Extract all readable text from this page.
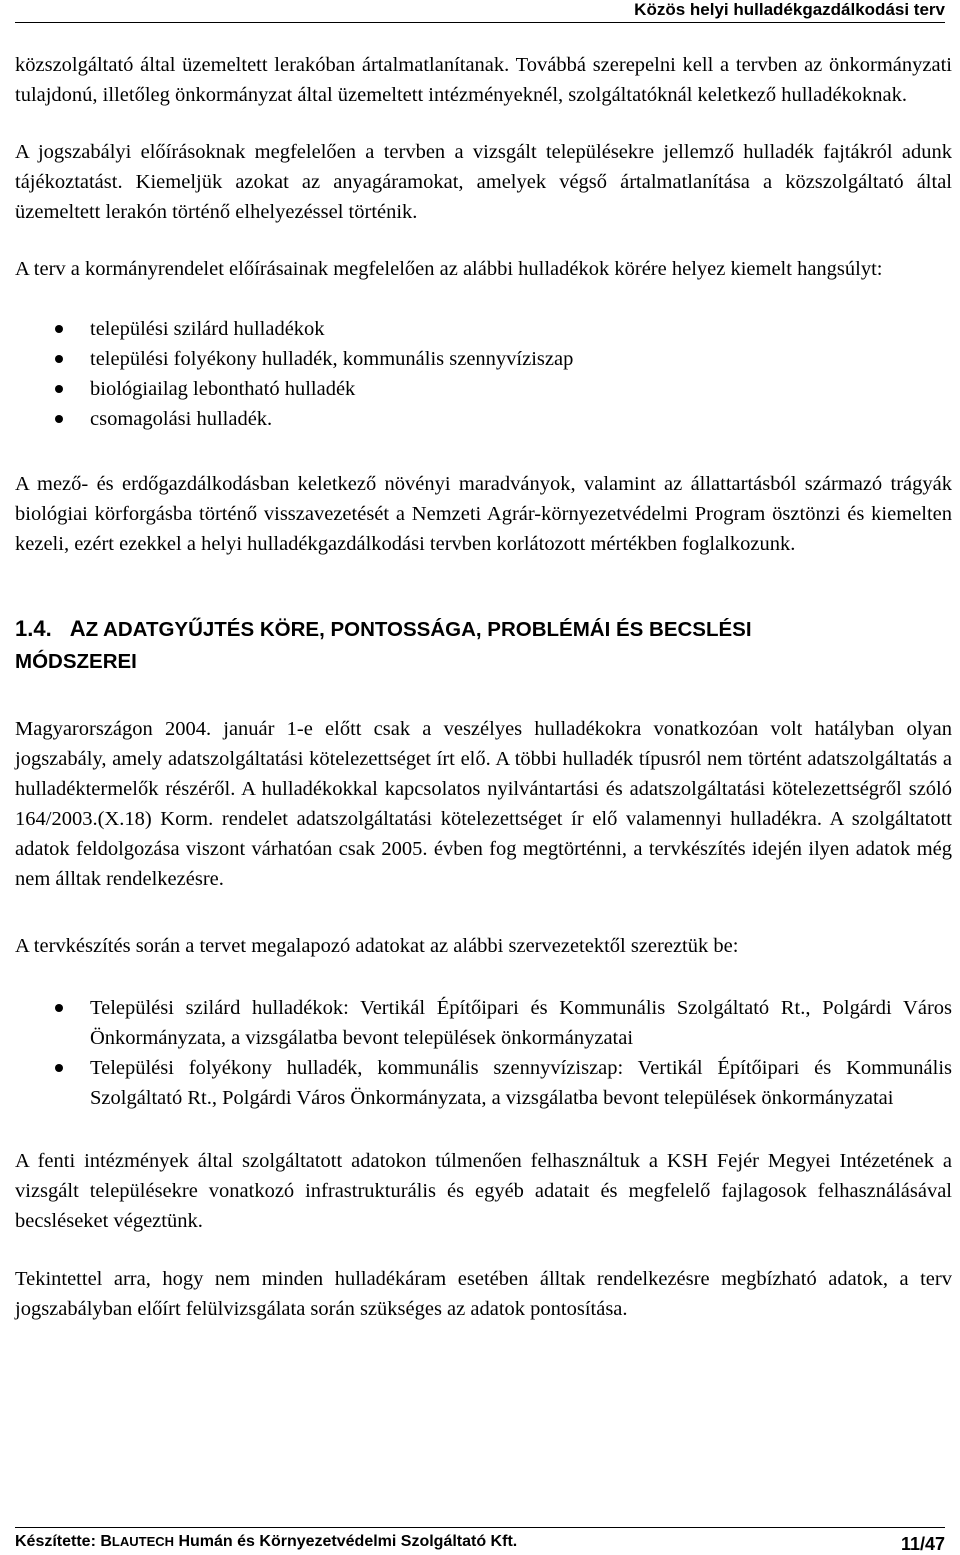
Közös helyi hulladékgazdálkodási terv

közszolgáltató által üzemeltett lerakóban ártalmatlanítanak. Továbbá szerepelni kell a tervben az önkormányzati tulajdonú, illetőleg önkormányzat által üzemeltett intézményeknél, szolgáltatóknál keletkező hulladékoknak.

A jogszabályi előírásoknak megfelelően a tervben a vizsgált településekre jellemző hulladék fajtákról adunk tájékoztatást. Kiemeljük azokat az anyagáramokat, amelyek végső ártalmatlanítása a közszolgáltató által üzemeltett lerakón történő elhelyezéssel történik.

A terv a kormányrendelet előírásainak megfelelően az alábbi hulladékok körére helyez kiemelt hangsúlyt:

települési szilárd hulladékok
települési folyékony hulladék, kommunális szennyvíziszap
biológiailag lebontható hulladék
csomagolási hulladék.

A mező- és erdőgazdálkodásban keletkező növényi maradványok, valamint az állattartásból származó trágyák biológiai körforgásba történő visszavezetését a Nemzeti Agrár-környezetvédelmi Program ösztönzi és kiemelten kezeli, ezért ezekkel a helyi hulladékgazdálkodási tervben korlátozott mértékben foglalkozunk.

1.4. AZ ADATGYŰJTÉS KÖRE, PONTOSSÁGA, PROBLÉMÁI ÉS BECSLÉSI
MÓDSZEREI

Magyarországon 2004. január 1-e előtt csak a veszélyes hulladékokra vonatkozóan volt hatályban olyan jogszabály, amely adatszolgáltatási kötelezettséget írt elő. A többi hulladék típusról nem történt adatszolgáltatás a hulladéktermelők részéről. A hulladékokkal kapcsolatos nyilvántartási és adatszolgáltatási kötelezettségről szóló 164/2003.(X.18) Korm. rendelet adatszolgáltatási kötelezettséget ír elő valamennyi hulladékra. A szolgáltatott adatok feldolgozása viszont várhatóan csak 2005. évben fog megtörténni, a tervkészítés idején ilyen adatok még nem álltak rendelkezésre.

A tervkészítés során a tervet megalapozó adatokat az alábbi szervezetektől szereztük be:

Települési szilárd hulladékok: Vertikál Építőipari és Kommunális Szolgáltató Rt., Polgárdi Város Önkormányzata, a vizsgálatba bevont települések önkormányzatai
Települési folyékony hulladék, kommunális szennyvíziszap: Vertikál Építőipari és Kommunális Szolgáltató Rt., Polgárdi Város Önkormányzata, a vizsgálatba bevont települések önkormányzatai

A fenti intézmények által szolgáltatott adatokon túlmenően felhasználtuk a KSH Fejér Megyei Intézetének a vizsgált településekre vonatkozó infrastrukturális és egyéb adatait és megfelelő fajlagosok felhasználásával becsléseket végeztünk.

Tekintettel arra, hogy nem minden hulladékáram esetében álltak rendelkezésre megbízható adatok, a terv jogszabályban előírt felülvizsgálata során szükséges az adatok pontosítása.

Készítette: BLAUTECH Humán és Környezetvédelmi Szolgáltató Kft.	11/47
